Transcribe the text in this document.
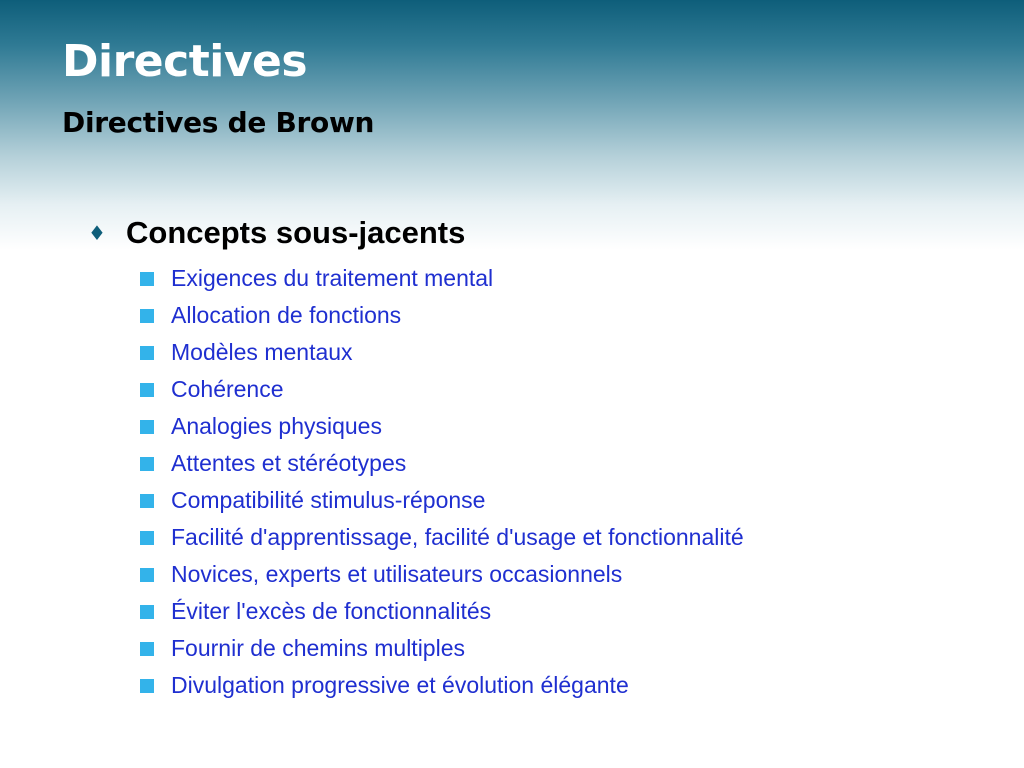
Directives
Directives de Brown
♦ Concepts sous-jacents
Exigences du traitement mental
Allocation de fonctions
Modèles mentaux
Cohérence
Analogies physiques
Attentes et stéréotypes
Compatibilité stimulus-réponse
Facilité d'apprentissage, facilité d'usage et fonctionnalité
Novices, experts et utilisateurs occasionnels
Éviter l'excès de fonctionnalités
Fournir de chemins multiples
Divulgation progressive et évolution élégante
